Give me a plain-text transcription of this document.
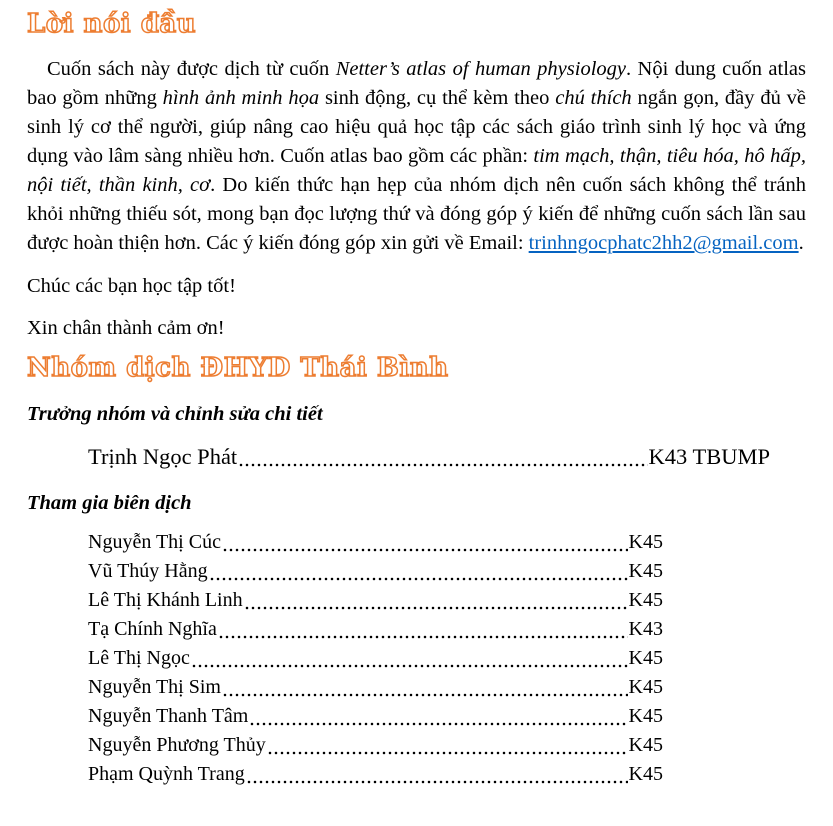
Lời nói đầu

Cuốn sách này được dịch từ cuốn Netter’s atlas of human physiology. Nội dung cuốn atlas bao gồm những hình ảnh minh họa sinh động, cụ thể kèm theo chú thích ngắn gọn, đầy đủ về sinh lý cơ thể người, giúp nâng cao hiệu quả học tập các sách giáo trình sinh lý học và ứng dụng vào lâm sàng nhiều hơn. Cuốn atlas bao gồm các phần: tim mạch, thận, tiêu hóa, hô hấp, nội tiết, thần kinh, cơ. Do kiến thức hạn hẹp của nhóm dịch nên cuốn sách không thể tránh khỏi những thiếu sót, mong bạn đọc lượng thứ và đóng góp ý kiến để những cuốn sách lần sau được hoàn thiện hơn. Các ý kiến đóng góp xin gửi về Email: trinhngocphatc2hh2@gmail.com.

Chúc các bạn học tập tốt!

Xin chân thành cảm ơn!

Nhóm dịch ĐHYD Thái Bình

Trưởng nhóm và chỉnh sửa chi tiết

Trịnh Ngọc Phát	K43 TBUMP

Tham gia biên dịch

Nguyễn Thị Cúc	K45
Vũ Thúy Hằng	K45
Lê Thị Khánh Linh	K45
Tạ Chính Nghĩa	K43
Lê Thị Ngọc	K45
Nguyễn Thị Sim	K45
Nguyễn Thanh Tâm	K45
Nguyễn Phương Thủy	K45
Phạm Quỳnh Trang	K45
